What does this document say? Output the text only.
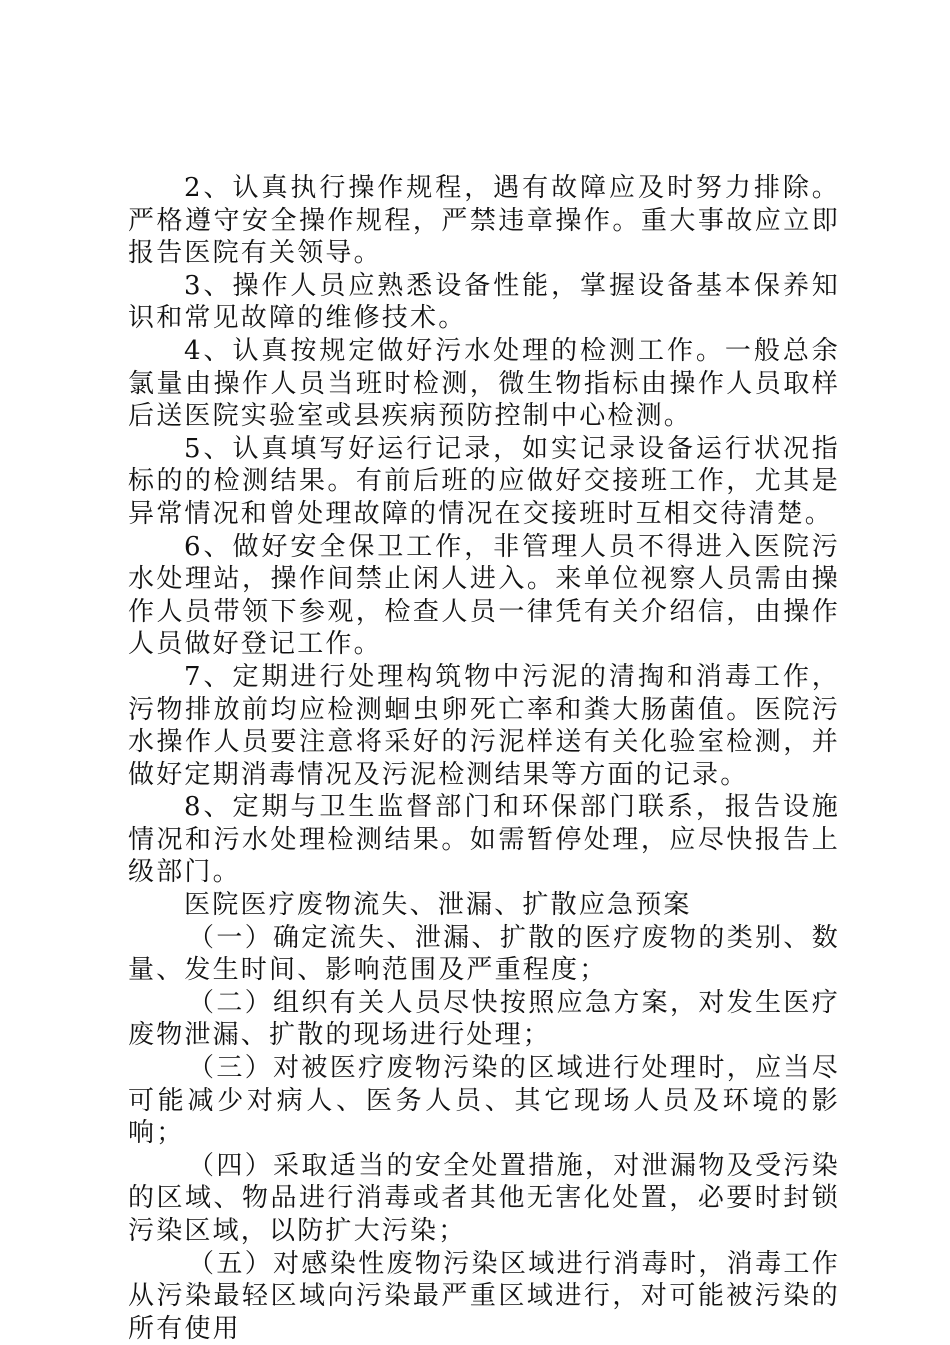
2、认真执行操作规程，遇有故障应及时努力排除。严格遵守安全操作规程，严禁违章操作。重大事故应立即报告医院有关领导。

3、操作人员应熟悉设备性能，掌握设备基本保养知识和常见故障的维修技术。

4、认真按规定做好污水处理的检测工作。一般总余氯量由操作人员当班时检测，微生物指标由操作人员取样后送医院实验室或县疾病预防控制中心检测。

5、认真填写好运行记录，如实记录设备运行状况指标的的检测结果。有前后班的应做好交接班工作，尤其是异常情况和曾处理故障的情况在交接班时互相交待清楚。

6、做好安全保卫工作，非管理人员不得进入医院污水处理站，操作间禁止闲人进入。来单位视察人员需由操作人员带领下参观，检查人员一律凭有关介绍信，由操作人员做好登记工作。

7、定期进行处理构筑物中污泥的清掏和消毒工作，污物排放前均应检测蛔虫卵死亡率和粪大肠菌值。医院污水操作人员要注意将采好的污泥样送有关化验室检测，并做好定期消毒情况及污泥检测结果等方面的记录。

8、定期与卫生监督部门和环保部门联系，报告设施情况和污水处理检测结果。如需暂停处理，应尽快报告上级部门。

医院医疗废物流失、泄漏、扩散应急预案

（一）确定流失、泄漏、扩散的医疗废物的类别、数量、发生时间、影响范围及严重程度；

（二）组织有关人员尽快按照应急方案，对发生医疗废物泄漏、扩散的现场进行处理；

（三）对被医疗废物污染的区域进行处理时，应当尽可能减少对病人、医务人员、其它现场人员及环境的影响；

（四）采取适当的安全处置措施，对泄漏物及受污染的区域、物品进行消毒或者其他无害化处置，必要时封锁污染区域，以防扩大污染；

（五）对感染性废物污染区域进行消毒时，消毒工作从污染最轻区域向污染最严重区域进行，对可能被污染的所有使用
